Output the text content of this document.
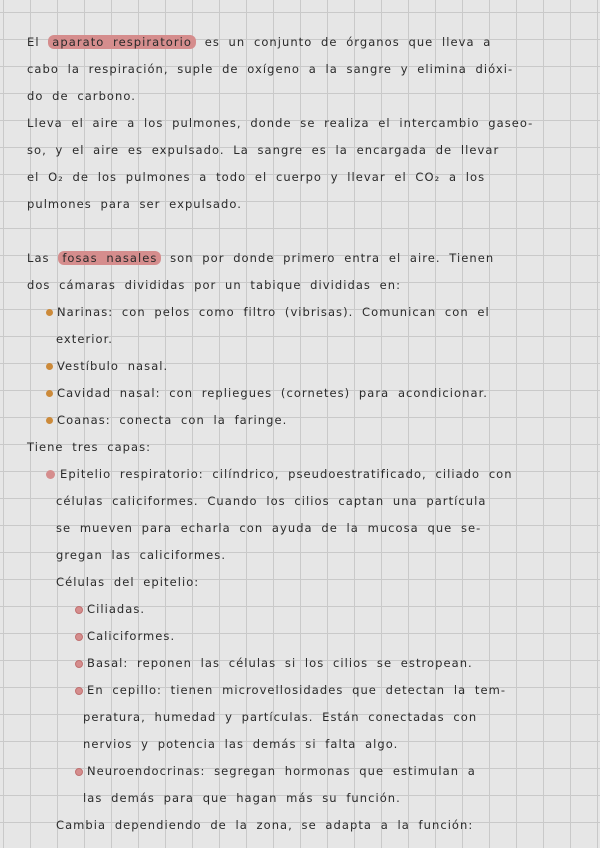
El aparato respiratorio es un conjunto de órganos que lleva a
cabo la respiración, suple de oxígeno a la sangre y elimina dióxi-
do de carbono.
Lleva el aire a los pulmones, donde se realiza el intercambio gaseo-
so, y el aire es expulsado. La sangre es la encargada de llevar
el O₂ de los pulmones a todo el cuerpo y llevar el CO₂ a los
pulmones para ser expulsado.
Las fosas nasales son por donde primero entra el aire. Tienen
dos cámaras divididas por un tabique divididas en:
Narinas: con pelos como filtro (vibrisas). Comunican con el
exterior.
Vestíbulo nasal.
Cavidad nasal: con repliegues (cornetes) para acondicionar.
Coanas: conecta con la faringe.
Tiene tres capas:
Epitelio respiratorio: cilíndrico, pseudoestratificado, ciliado con
células caliciformes. Cuando los cilios captan una partícula
se mueven para echarla con ayuda de la mucosa que se-
gregan las caliciformes.
Células del epitelio:
Ciliadas.
Caliciformes.
Basal: reponen las células si los cilios se estropean.
En cepillo: tienen microvellosidades que detectan la tem-
peratura, humedad y partículas. Están conectadas con
nervios y potencia las demás si falta algo.
Neuroendocrinas: segregan hormonas que estimulan a
las demás para que hagan más su función.
Cambia dependiendo de la zona, se adapta a la función:
